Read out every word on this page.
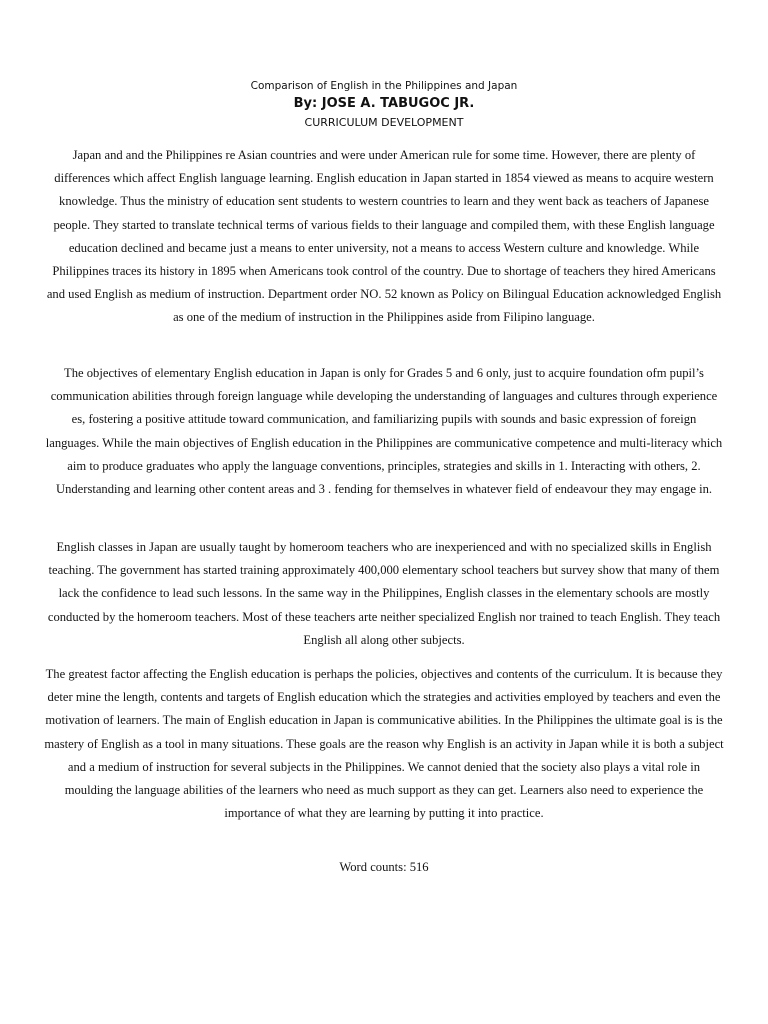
Comparison of English in the Philippines and Japan
By: JOSE A. TABUGOC JR.
CURRICULUM DEVELOPMENT

Japan and and the Philippines re Asian countries and were under American rule for some time. However, there are plenty of differences which affect English language learning. English education in Japan started in 1854 viewed as means to acquire western knowledge. Thus the ministry of education sent students to western countries to learn and they went back as teachers of Japanese people. They started to translate technical terms of various fields to their language and compiled them, with these English language education declined and became just a means to enter university, not a means to access Western culture and knowledge. While Philippines traces its history in 1895 when Americans took control of the country. Due to shortage of teachers they hired Americans and used English as medium of instruction. Department order NO. 52 known as Policy on Bilingual Education acknowledged English as one of the medium of instruction in the Philippines aside from Filipino language.

The objectives of elementary English education in Japan is only for Grades 5 and 6 only, just to acquire foundation ofm pupil’s communication abilities through foreign language while developing the understanding of languages and cultures through experience es, fostering a positive attitude toward communication, and familiarizing pupils with sounds and basic expression of foreign languages. While the main objectives of English education in the Philippines are communicative competence and multi-literacy which aim to produce graduates who apply the language conventions, principles, strategies and skills in 1. Interacting with others, 2. Understanding and learning other content areas and 3 . fending for themselves in whatever field of endeavour they may engage in.

English classes in Japan are usually taught by homeroom teachers who are inexperienced and with no specialized skills in English teaching. The government has started training approximately 400,000 elementary school teachers but survey show that many of them lack the confidence to lead such lessons. In the same way in the Philippines, English classes in the elementary schools are mostly conducted by the homeroom teachers. Most of these teachers arte neither specialized English nor trained to teach English. They teach English all along other subjects.

The greatest factor affecting the English education is perhaps the policies, objectives and contents of the curriculum. It is because they deter mine the length, contents and targets of English education which the strategies and activities employed by teachers and even the motivation of learners. The main of English education in Japan is communicative abilities. In the Philippines the ultimate goal is is the mastery of English as a tool in many situations. These goals are the reason why English is an activity in Japan while it is both a subject and a medium of instruction for several subjects in the Philippines. We cannot denied that the society also plays a vital role in moulding the language abilities of the learners who need as much support as they can get. Learners also need to experience the importance of what they are learning by putting it into practice.

Word counts: 516
